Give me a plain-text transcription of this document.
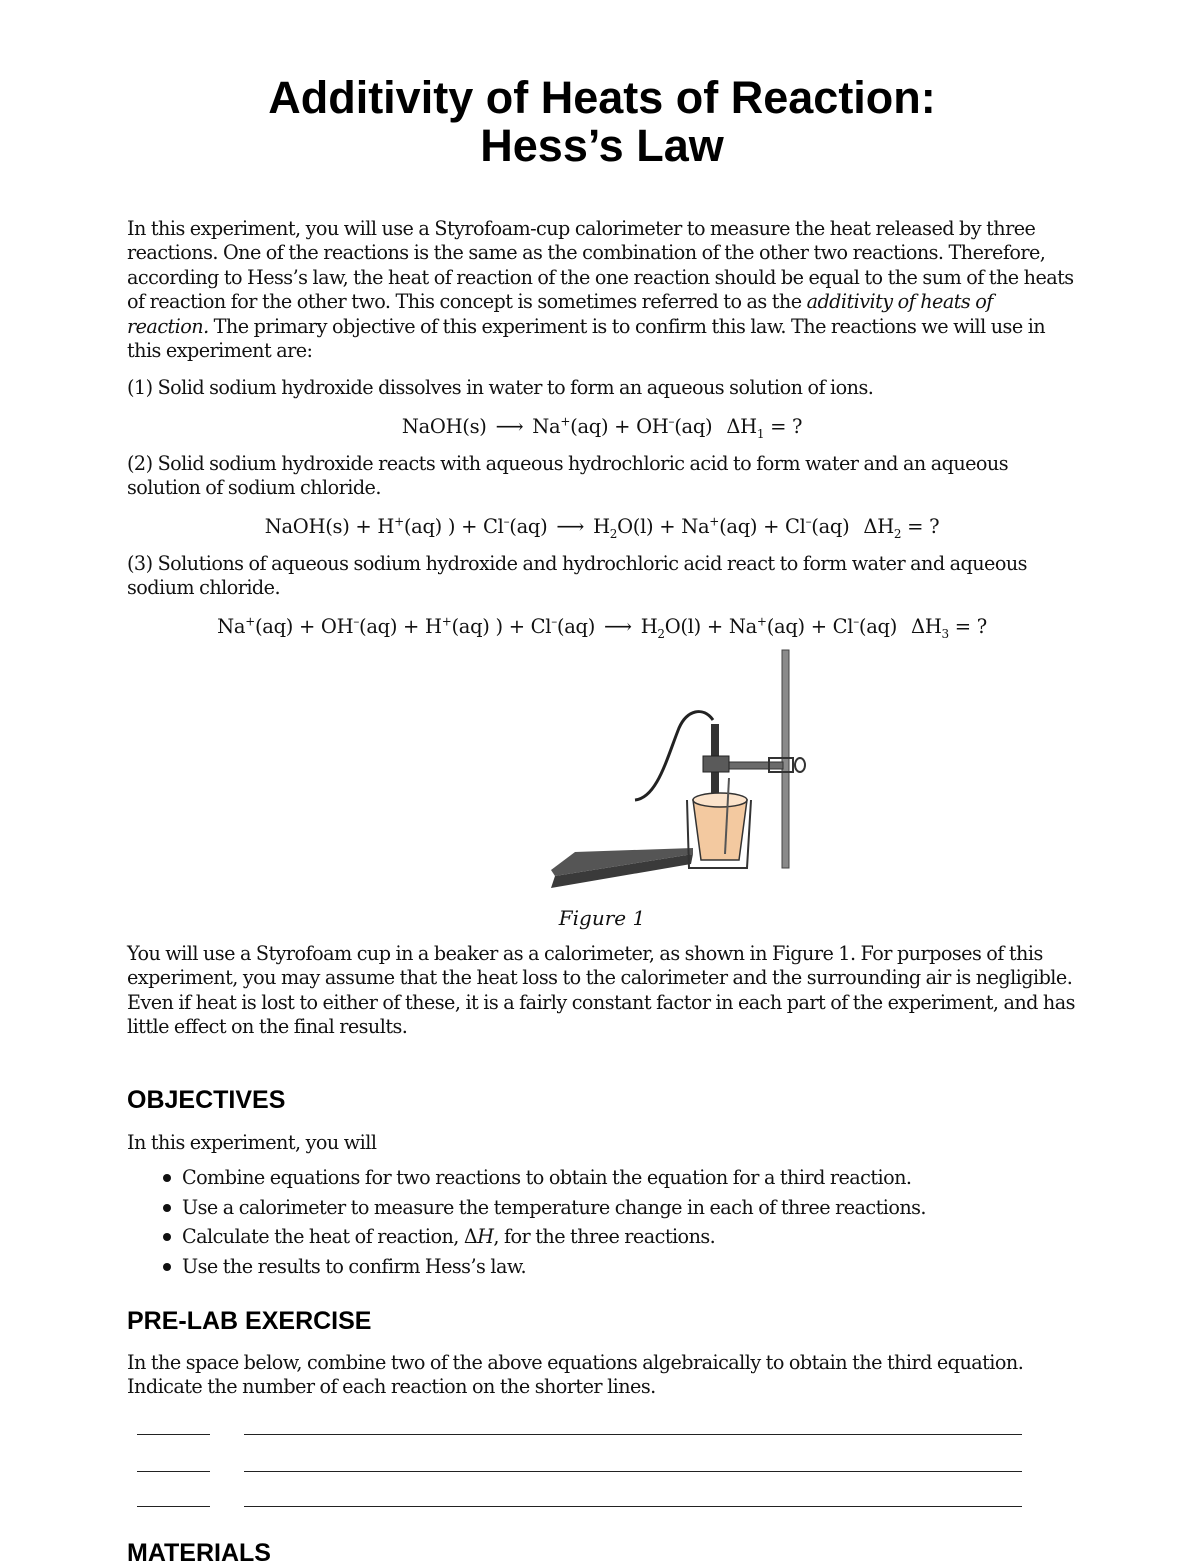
Additivity of Heats of Reaction:
Hess’s Law

In this experiment, you will use a Styrofoam-cup calorimeter to measure the heat released by three reactions. One of the reactions is the same as the combination of the other two reactions. Therefore, according to Hess’s law, the heat of reaction of the one reaction should be equal to the sum of the heats of reaction for the other two. This concept is sometimes referred to as the additivity of heats of reaction. The primary objective of this experiment is to confirm this law. The reactions we will use in this experiment are:

(1) Solid sodium hydroxide dissolves in water to form an aqueous solution of ions.

NaOH(s) ⟶ Na+(aq) + OH–(aq) $\Delta H_1$ = ?

(2) Solid sodium hydroxide reacts with aqueous hydrochloric acid to form water and an aqueous solution of sodium chloride.

NaOH(s) + H+(aq) ) + Cl–(aq) ⟶ $H_2O(l) + Na^+(aq) + Cl^-(aq) \Delta H_2$ = ?

(3) Solutions of aqueous sodium hydroxide and hydrochloric acid react to form water and aqueous sodium chloride.

Na+(aq) + OH–(aq) + H+(aq) ) + Cl–(aq) ⟶ $H_2O(l) + Na^+(aq) + Cl^-(aq) \Delta H_3$ = ?
Figure 1

You will use a Styrofoam cup in a beaker as a calorimeter, as shown in Figure 1. For purposes of this experiment, you may assume that the heat loss to the calorimeter and the surrounding air is negligible. Even if heat is lost to either of these, it is a fairly constant factor in each part of the experiment, and has little effect on the final results.

OBJECTIVES

In this experiment, you will

Combine equations for two reactions to obtain the equation for a third reaction.
Use a calorimeter to measure the temperature change in each of three reactions.
Calculate the heat of reaction, ΔH, for the three reactions.
Use the results to confirm Hess’s law.
PRE-LAB EXERCISE

In the space below, combine two of the above equations algebraically to obtain the third equation. Indicate the number of each reaction on the shorter lines.

MATERIALS
